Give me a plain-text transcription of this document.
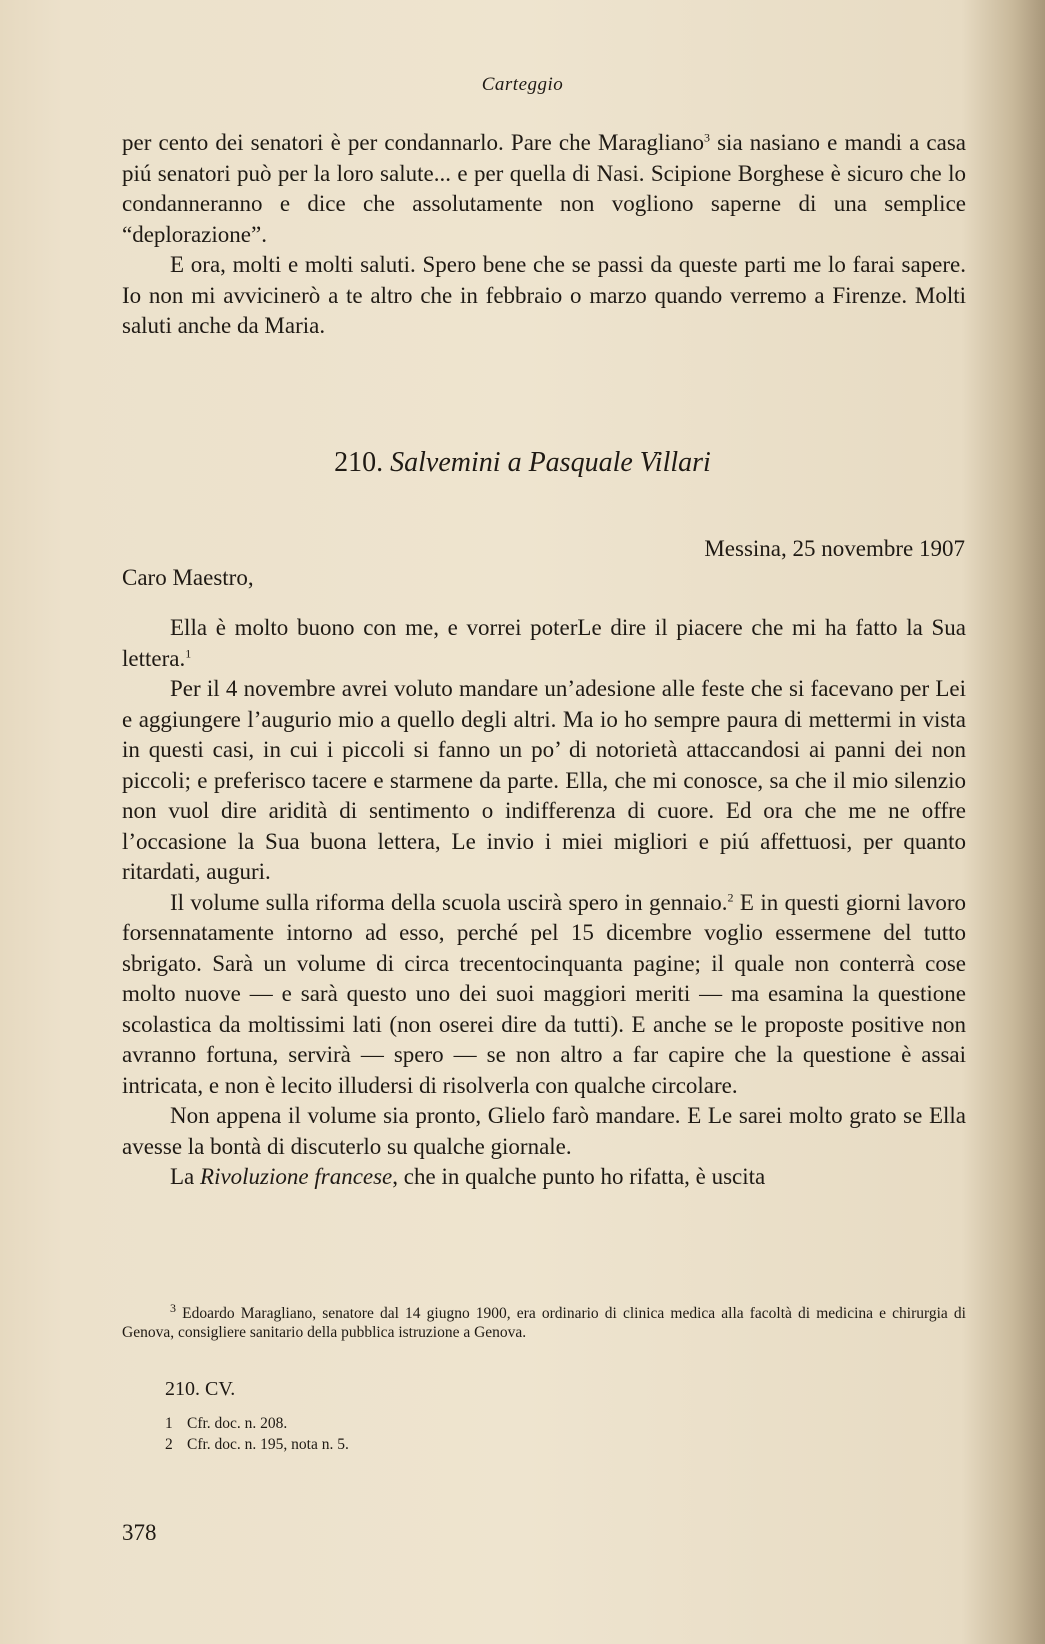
Carteggio

per cento dei senatori è per condannarlo. Pare che Maragliano$^3$ sia nasiano e mandi a casa piú senatori può per la loro salute... e per quella di Nasi. Scipione Borghese è sicuro che lo condanneranno e dice che assolutamente non vogliono saperne di una semplice “deplorazione”.

E ora, molti e molti saluti. Spero bene che se passi da queste parti me lo farai sapere. Io non mi avvicinerò a te altro che in febbraio o marzo quando verremo a Firenze. Molti saluti anche da Maria.

210. Salvemini a Pasquale Villari
Messina, 25 novembre 1907
Caro Maestro,

Ella è molto buono con me, e vorrei poterLe dire il piacere che mi ha fatto la Sua lettera.$^1$

Per il 4 novembre avrei voluto mandare un’adesione alle feste che si facevano per Lei e aggiungere l’augurio mio a quello degli altri. Ma io ho sempre paura di mettermi in vista in questi casi, in cui i piccoli si fanno un po’ di notorietà attaccandosi ai panni dei non piccoli; e preferisco tacere e starmene da parte. Ella, che mi conosce, sa che il mio silenzio non vuol dire aridità di sentimento o indifferenza di cuore. Ed ora che me ne offre l’occasione la Sua buona lettera, Le invio i miei migliori e piú affettuosi, per quanto ritardati, auguri.

Il volume sulla riforma della scuola uscirà spero in gennaio.$^2$ E in questi giorni lavoro forsennatamente intorno ad esso, perché pel 15 dicembre voglio essermene del tutto sbrigato. Sarà un volume di circa trecentocinquanta pagine; il quale non conterrà cose molto nuove — e sarà questo uno dei suoi maggiori meriti — ma esamina la questione scolastica da moltissimi lati (non oserei dire da tutti). E anche se le proposte positive non avranno fortuna, servirà — spero — se non altro a far capire che la questione è assai intricata, e non è lecito illudersi di risolverla con qualche circolare.

Non appena il volume sia pronto, Glielo farò mandare. E Le sarei molto grato se Ella avesse la bontà di discuterlo su qualche giornale.

La Rivoluzione francese, che in qualche punto ho rifatta, è uscita

$^3$ Edoardo Maragliano, senatore dal 14 giugno 1900, era ordinario di clinica medica alla facoltà di medicina e chirurgia di Genova, consigliere sanitario della pubblica istruzione a Genova.
210. CV.
1 Cfr. doc. n. 208.
2 Cfr. doc. n. 195, nota n. 5.
378
